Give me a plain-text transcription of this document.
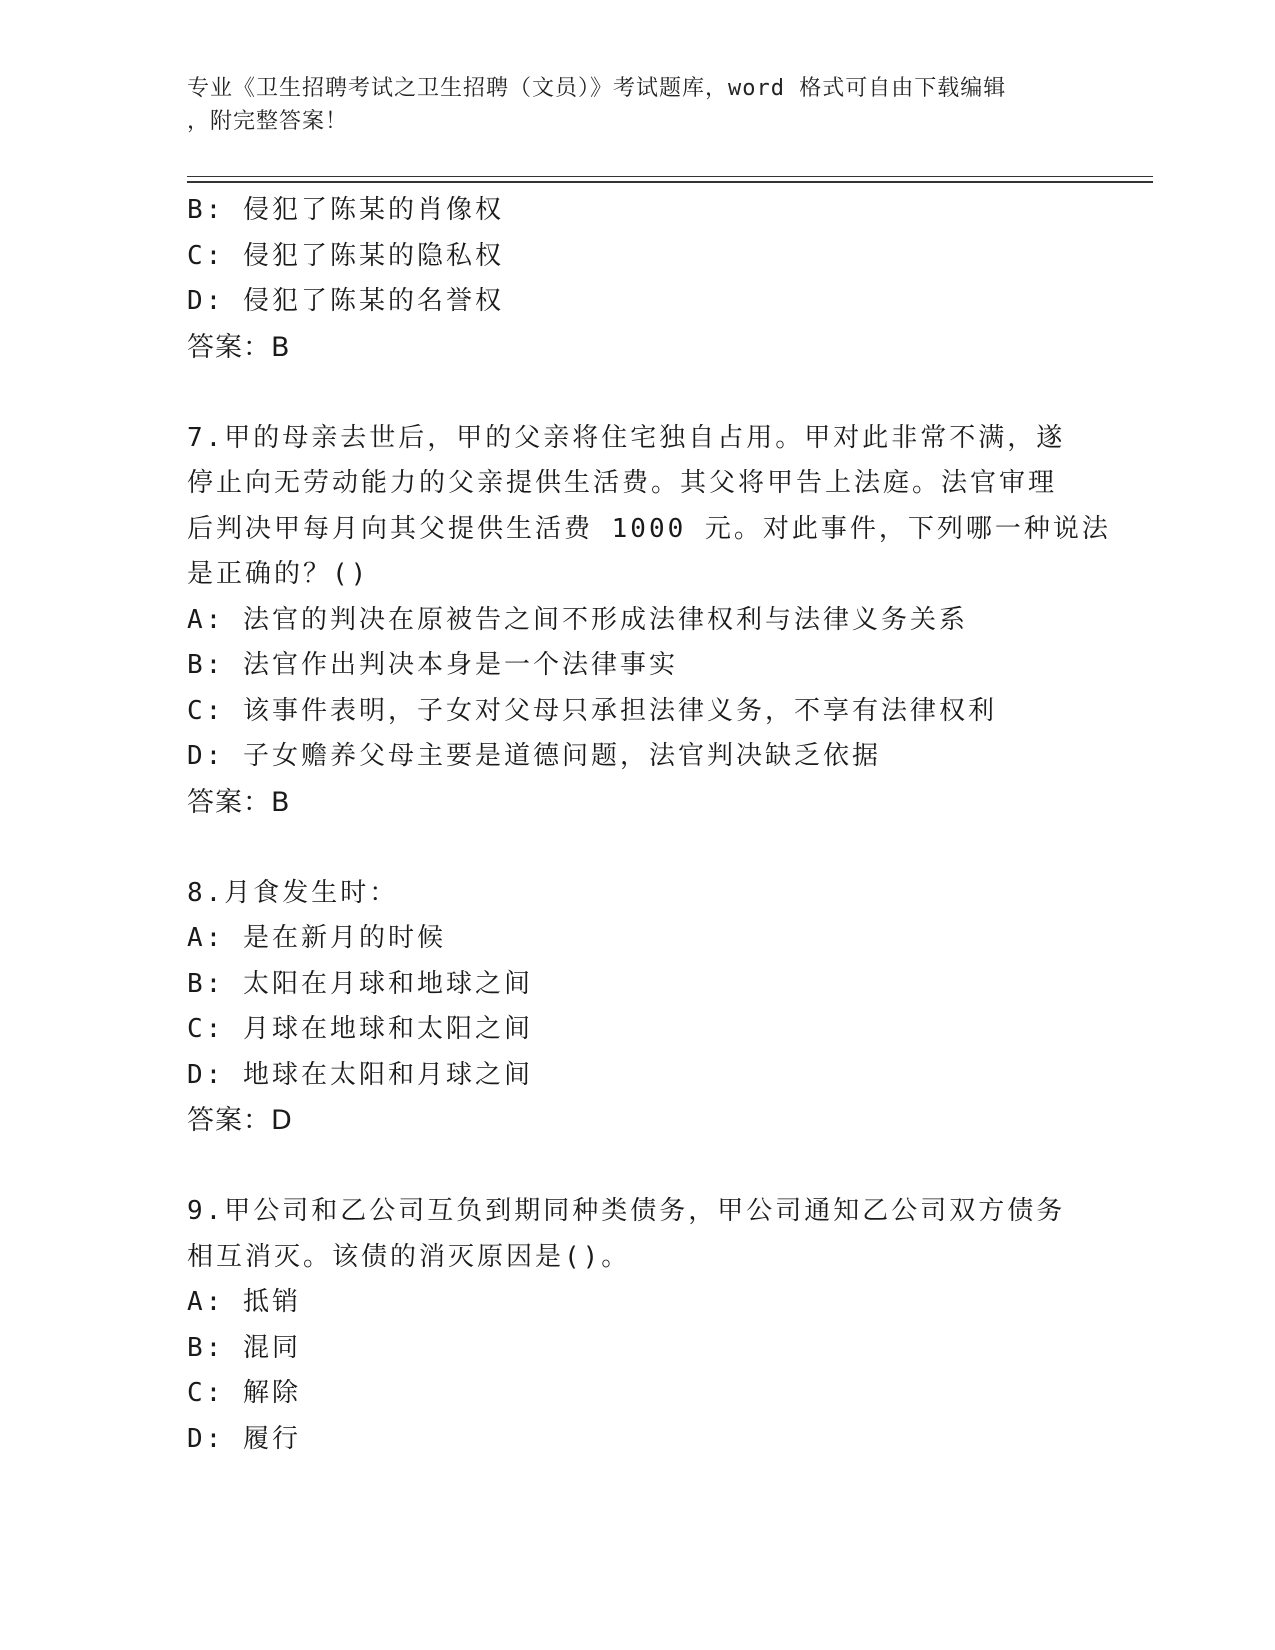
专业《卫生招聘考试之卫生招聘（文员）》考试题库，word 格式可自由下载编辑
，附完整答案！
B: 侵犯了陈某的肖像权
C: 侵犯了陈某的隐私权
D: 侵犯了陈某的名誉权
答案：B
7.甲的母亲去世后，甲的父亲将住宅独自占用。甲对此非常不满，遂
停止向无劳动能力的父亲提供生活费。其父将甲告上法庭。法官审理
后判决甲每月向其父提供生活费 1000 元。对此事件，下列哪一种说法
是正确的？()
A: 法官的判决在原被告之间不形成法律权利与法律义务关系
B: 法官作出判决本身是一个法律事实
C: 该事件表明，子女对父母只承担法律义务，不享有法律权利
D: 子女赡养父母主要是道德问题，法官判决缺乏依据
答案：B
8.月食发生时：
A: 是在新月的时候
B: 太阳在月球和地球之间
C: 月球在地球和太阳之间
D: 地球在太阳和月球之间
答案：D
9.甲公司和乙公司互负到期同种类债务，甲公司通知乙公司双方债务
相互消灭。该债的消灭原因是()。
A: 抵销
B: 混同
C: 解除
D: 履行
